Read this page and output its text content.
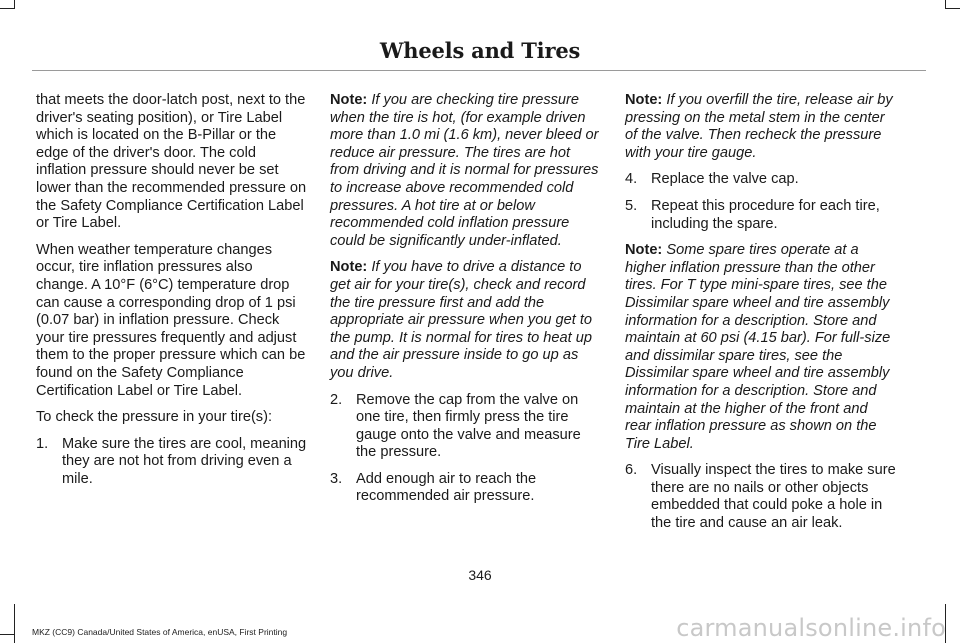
Wheels and Tires

that meets the door-latch post, next to the driver's seating position), or Tire Label which is located on the B-Pillar or the edge of the driver's door. The cold inflation pressure should never be set lower than the recommended pressure on the Safety Compliance Certification Label or Tire Label.

When weather temperature changes occur, tire inflation pressures also change. A 10°F (6°C) temperature drop can cause a corresponding drop of 1 psi (0.07 bar) in inflation pressure. Check your tire pressures frequently and adjust them to the proper pressure which can be found on the Safety Compliance Certification Label or Tire Label.

To check the pressure in your tire(s):

1. Make sure the tires are cool, meaning they are not hot from driving even a mile.

Note: If you are checking tire pressure when the tire is hot, (for example driven more than 1.0 mi (1.6 km), never bleed or reduce air pressure. The tires are hot from driving and it is normal for pressures to increase above recommended cold pressures. A hot tire at or below recommended cold inflation pressure could be significantly under-inflated.

Note: If you have to drive a distance to get air for your tire(s), check and record the tire pressure first and add the appropriate air pressure when you get to the pump. It is normal for tires to heat up and the air pressure inside to go up as you drive.

2. Remove the cap from the valve on one tire, then firmly press the tire gauge onto the valve and measure the pressure.
3. Add enough air to reach the recommended air pressure.

Note: If you overfill the tire, release air by pressing on the metal stem in the center of the valve. Then recheck the pressure with your tire gauge.

4. Replace the valve cap.
5. Repeat this procedure for each tire, including the spare.

Note: Some spare tires operate at a higher inflation pressure than the other tires. For T type mini-spare tires, see the Dissimilar spare wheel and tire assembly information for a description. Store and maintain at 60 psi (4.15 bar). For full-size and dissimilar spare tires, see the Dissimilar spare wheel and tire assembly information for a description. Store and maintain at the higher of the front and rear inflation pressure as shown on the Tire Label.

6. Visually inspect the tires to make sure there are no nails or other objects embedded that could poke a hole in the tire and cause an air leak.
346
MKZ (CC9) Canada/United States of America, enUSA, First Printing	carmanualsonline.info
